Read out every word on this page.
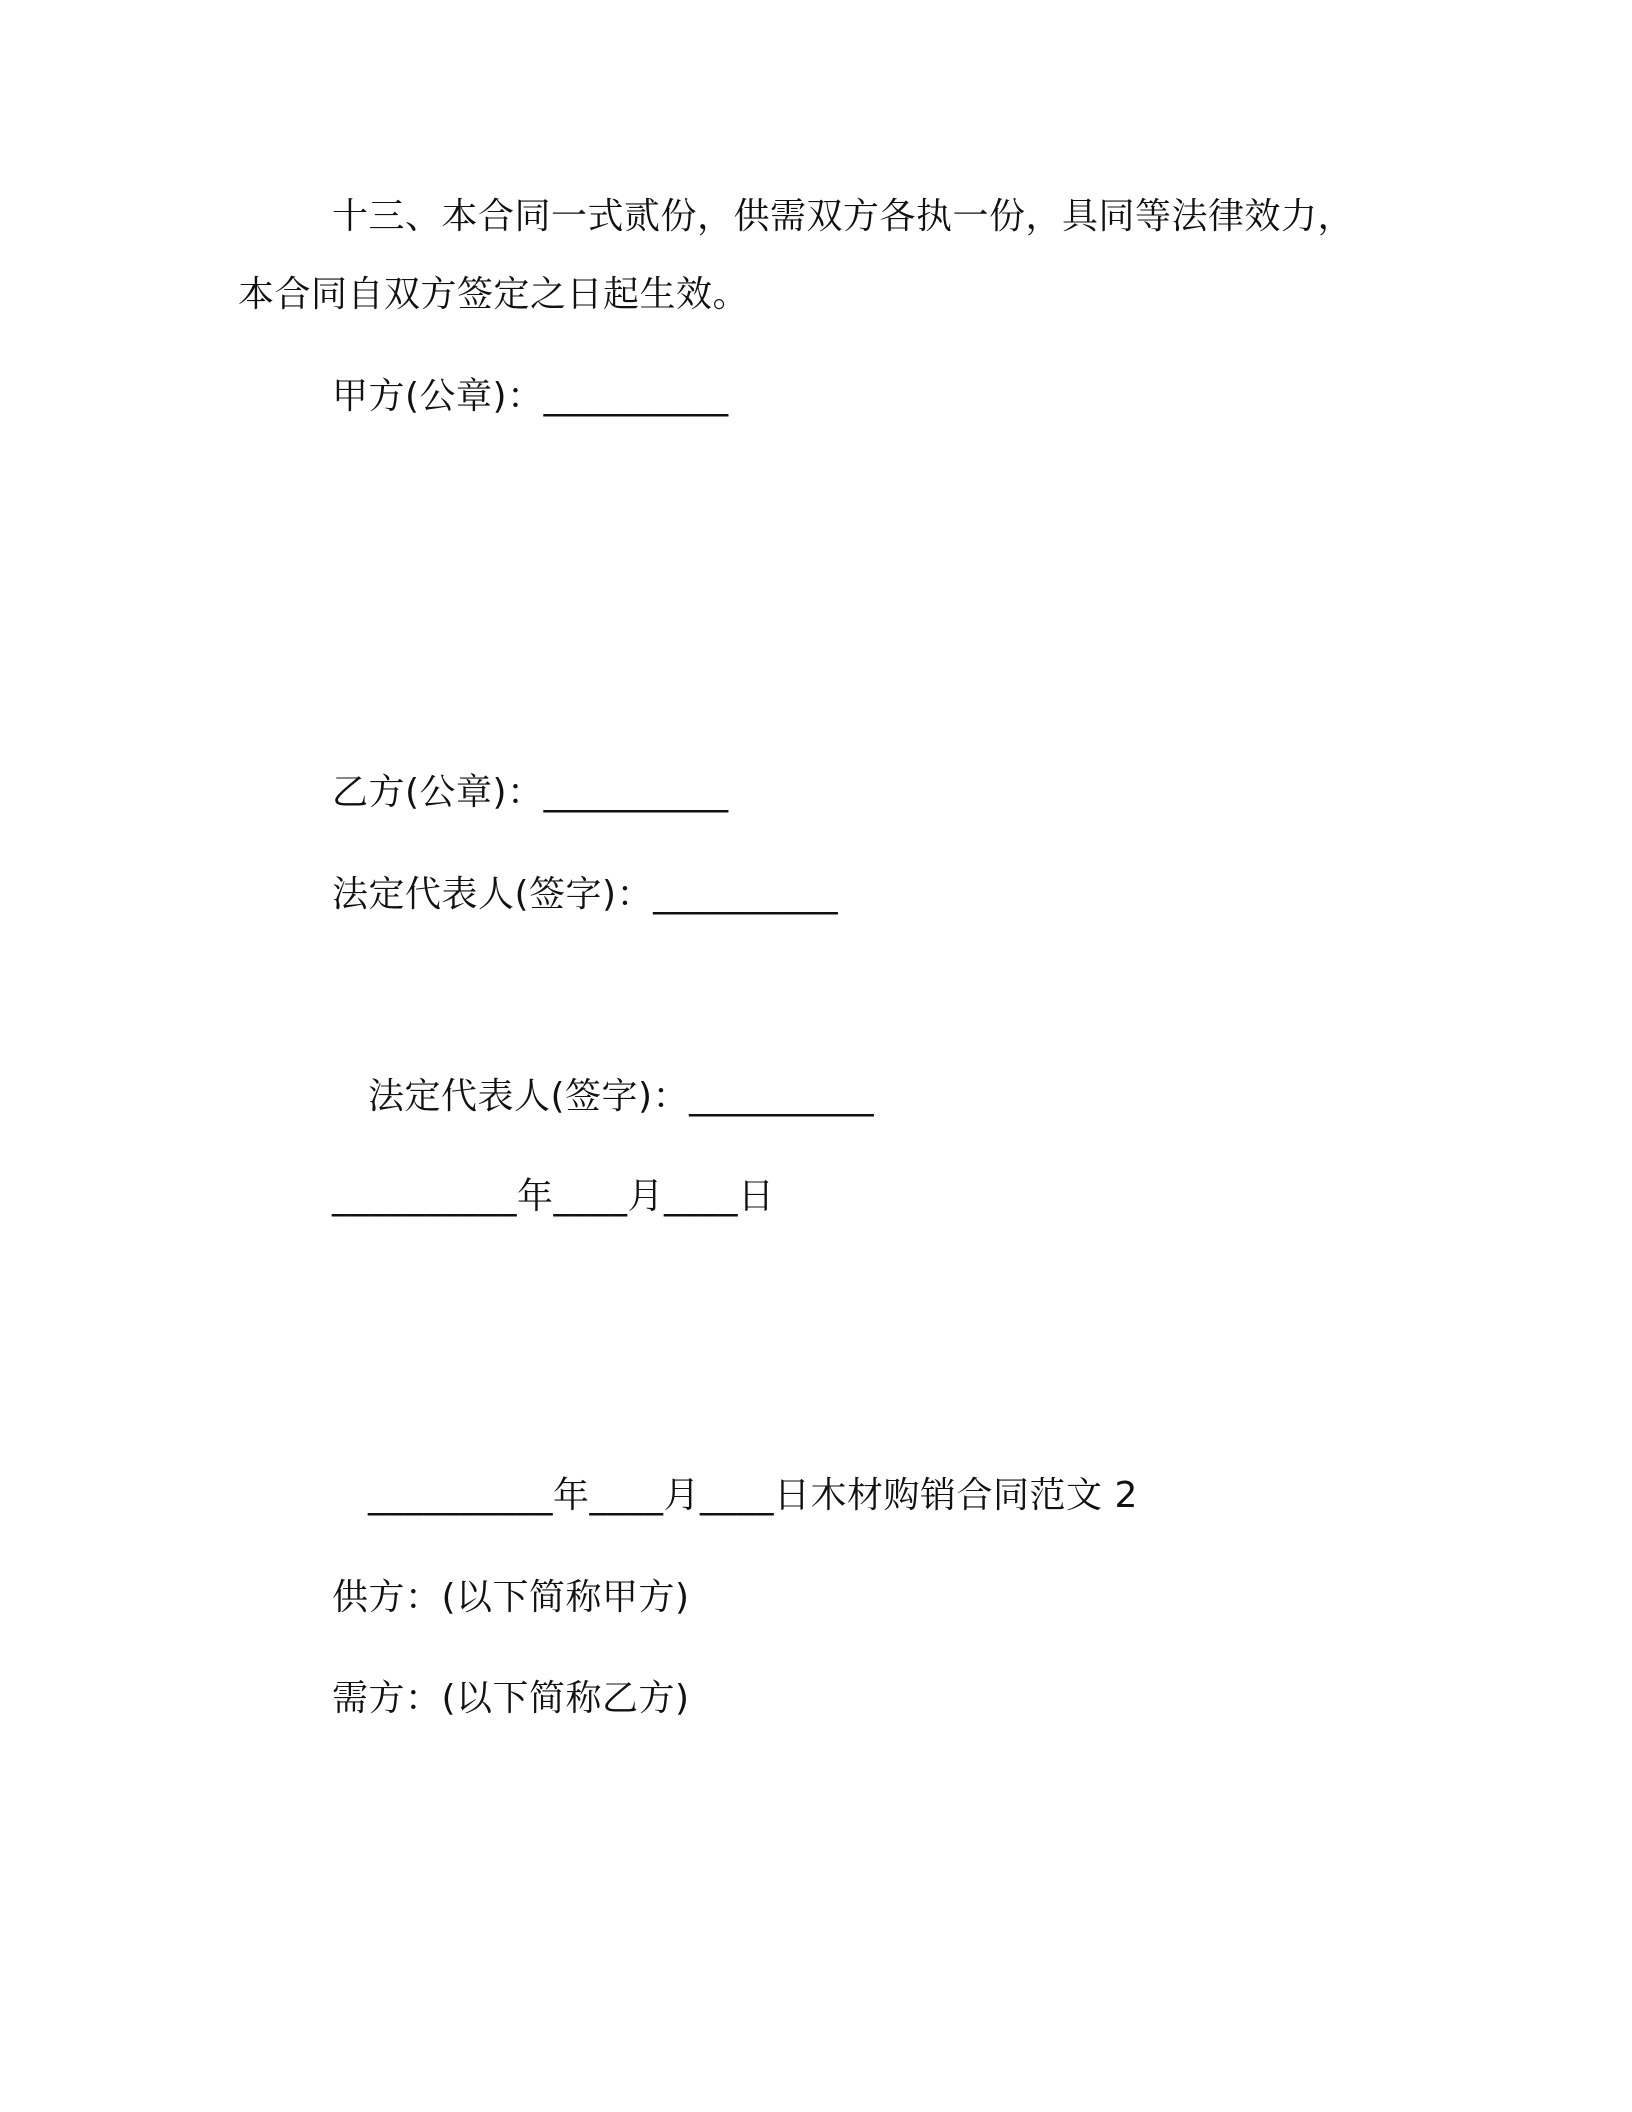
十三、本合同一式贰份，供需双方各执一份，具同等法律效力，
本合同自双方签定之日起生效。
甲方(公章)：__________
乙方(公章)：__________
法定代表人(签字)：__________
法定代表人(签字)：__________
__________年____月____日
__________年____月____日木材购销合同范文 2
供方：(以下简称甲方)
需方：(以下简称乙方)
